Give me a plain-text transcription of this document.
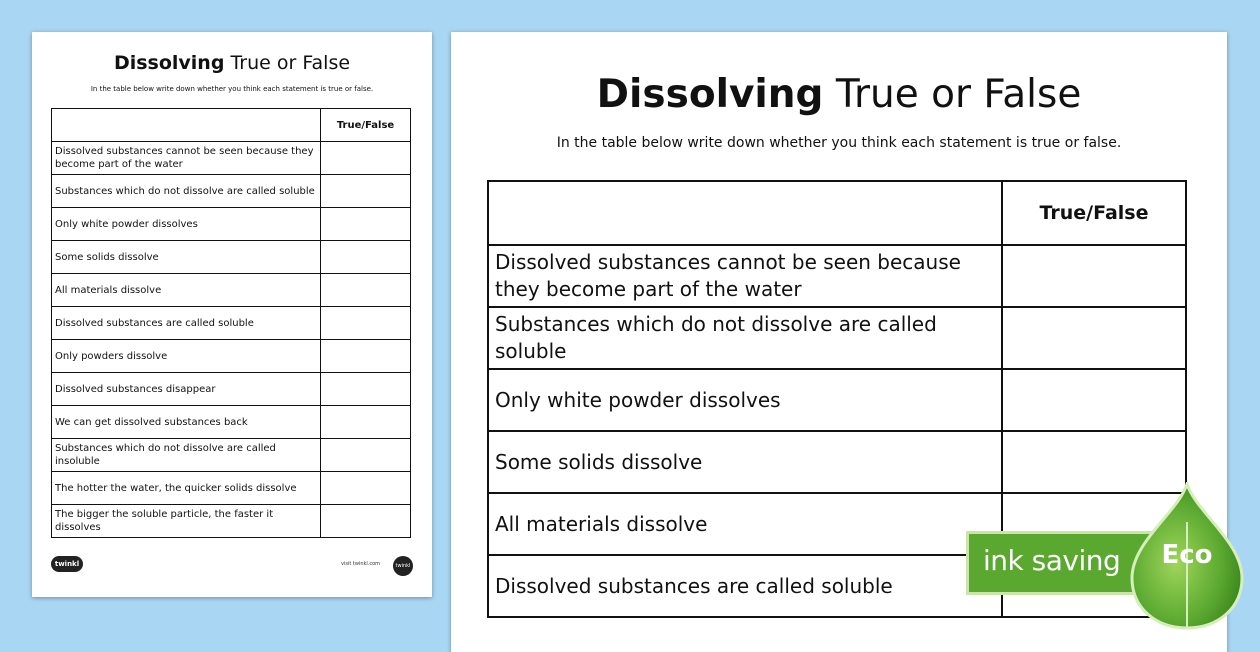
Dissolving True or False
In the table below write down whether you think each statement is true or false.
	True/False
Dissolved substances cannot be seen because they become part of the water	
Substances which do not dissolve are called soluble	
Only white powder dissolves	
Some solids dissolve	
All materials dissolve	
Dissolved substances are called soluble	
Only powders dissolve	
Dissolved substances disappear	
We can get dissolved substances back	
Substances which do not dissolve are called insoluble	
The hotter the water, the quicker solids dissolve	
The bigger the soluble particle, the faster it dissolves	
twinkl	visit twinkl.com	twinkl
Dissolving True or False
In the table below write down whether you think each statement is true or false.
	True/False
Dissolved substances cannot be seen because they become part of the water	
Substances which do not dissolve are called soluble	
Only white powder dissolves	
Some solids dissolve	
All materials dissolve	
Dissolved substances are called soluble	
ink saving	Eco
